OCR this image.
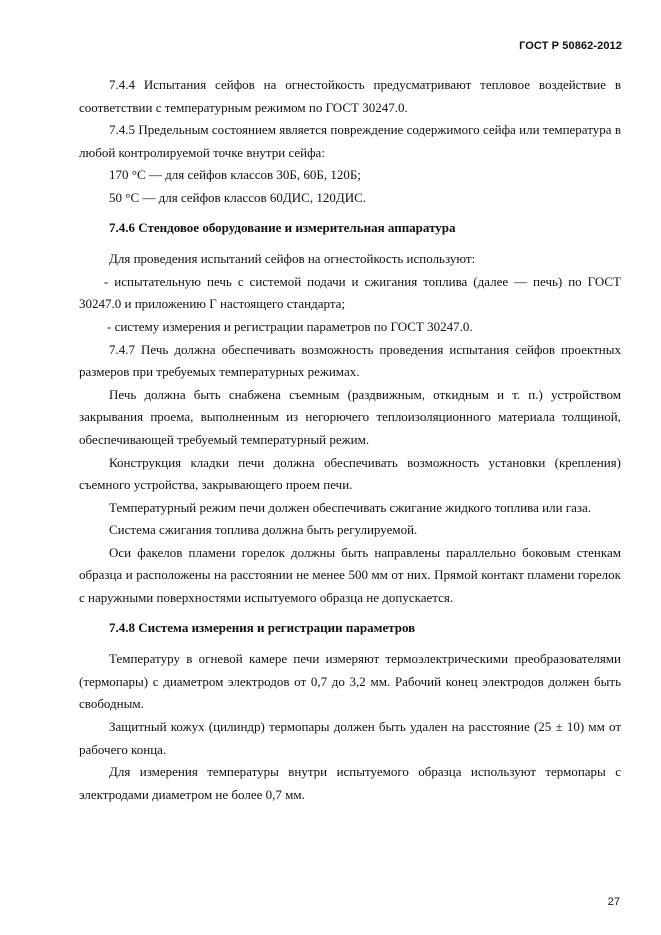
ГОСТ Р 50862-2012

7.4.4 Испытания сейфов на огнестойкость предусматривают тепловое воздействие в соответствии с температурным режимом по ГОСТ 30247.0.

7.4.5 Предельным состоянием является повреждение содержимого сейфа или температура в любой контролируемой точке внутри сейфа:

170 °С — для сейфов классов 30Б, 60Б, 120Б;

50 °С — для сейфов классов 60ДИС, 120ДИС.

7.4.6 Стендовое оборудование и измерительная аппаратура

Для проведения испытаний сейфов на огнестойкость используют:

- испытательную печь с системой подачи и сжигания топлива (далее — печь) по ГОСТ 30247.0 и приложению Г настоящего стандарта;

- систему измерения и регистрации параметров по ГОСТ 30247.0.

7.4.7 Печь должна обеспечивать возможность проведения испытания сейфов проектных размеров при требуемых температурных режимах.

Печь должна быть снабжена съемным (раздвижным, откидным и т. п.) устройством закрывания проема, выполненным из негорючего теплоизоляционного материала толщиной, обеспечивающей требуемый температурный режим.

Конструкция кладки печи должна обеспечивать возможность установки (крепления) съемного устройства, закрывающего проем печи.

Температурный режим печи должен обеспечивать сжигание жидкого топлива или газа.

Система сжигания топлива должна быть регулируемой.

Оси факелов пламени горелок должны быть направлены параллельно боковым стенкам образца и расположены на расстоянии не менее 500 мм от них. Прямой контакт пламени горелок с наружными поверхностями испытуемого образца не допускается.

7.4.8 Система измерения и регистрации параметров

Температуру в огневой камере печи измеряют термоэлектрическими преобразователями (термопары) с диаметром электродов от 0,7 до 3,2 мм. Рабочий конец электродов должен быть свободным.

Защитный кожух (цилиндр) термопары должен быть удален на расстояние (25 ± 10) мм от рабочего конца.

Для измерения температуры внутри испытуемого образца используют термопары с электродами диаметром не более 0,7 мм.

27
